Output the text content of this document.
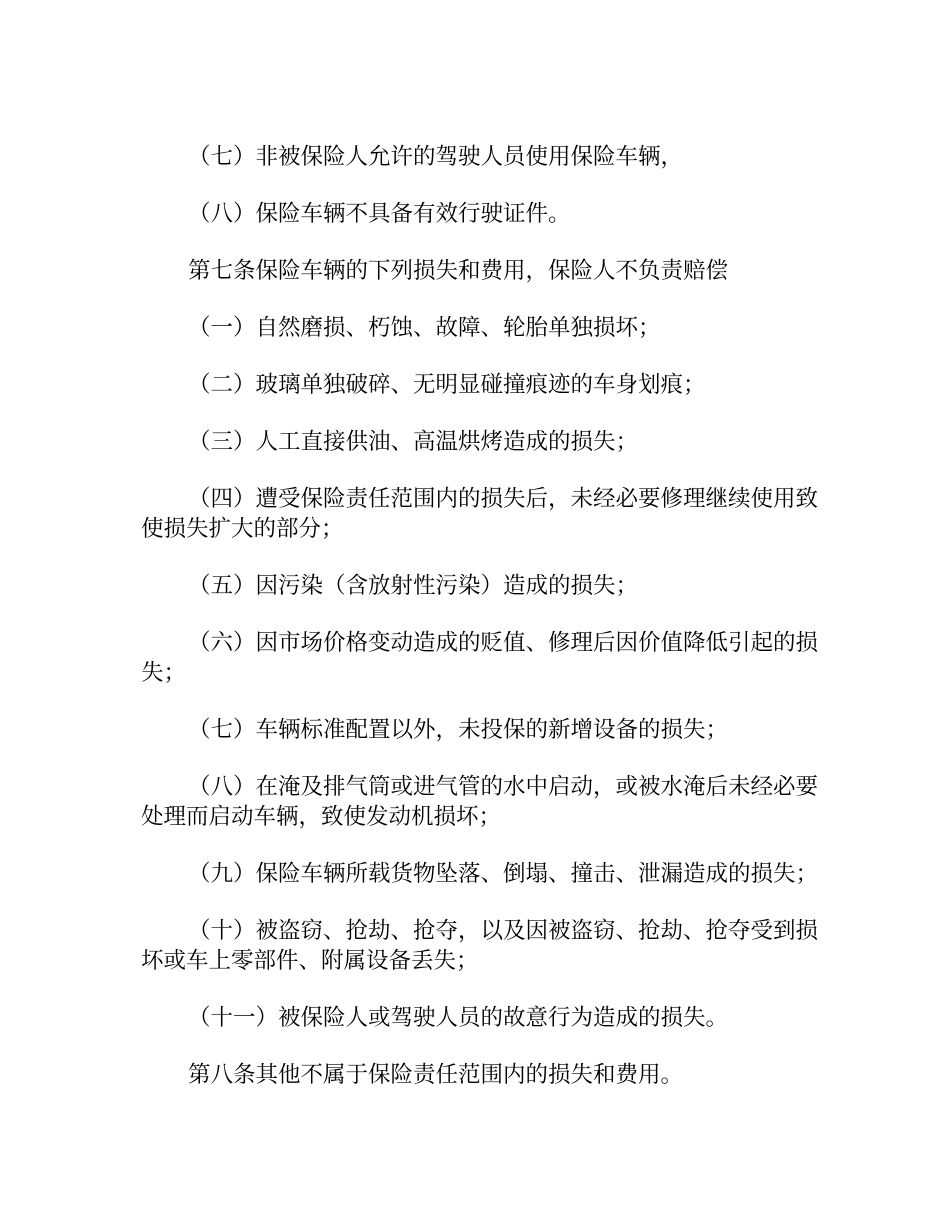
（七）非被保险人允许的驾驶人员使用保险车辆，

（八）保险车辆不具备有效行驶证件。

第七条保险车辆的下列损失和费用，保险人不负责赔偿

（一）自然磨损、朽蚀、故障、轮胎单独损坏；

（二）玻璃单独破碎、无明显碰撞痕迹的车身划痕；

（三）人工直接供油、高温烘烤造成的损失；

（四）遭受保险责任范围内的损失后，未经必要修理继续使用致使损失扩大的部分；

（五）因污染（含放射性污染）造成的损失；

（六）因市场价格变动造成的贬值、修理后因价值降低引起的损失；

（七）车辆标准配置以外，未投保的新增设备的损失；

（八）在淹及排气筒或进气管的水中启动，或被水淹后未经必要处理而启动车辆，致使发动机损坏；

（九）保险车辆所载货物坠落、倒塌、撞击、泄漏造成的损失；

（十）被盗窃、抢劫、抢夺，以及因被盗窃、抢劫、抢夺受到损坏或车上零部件、附属设备丢失；

（十一）被保险人或驾驶人员的故意行为造成的损失。

第八条其他不属于保险责任范围内的损失和费用。
